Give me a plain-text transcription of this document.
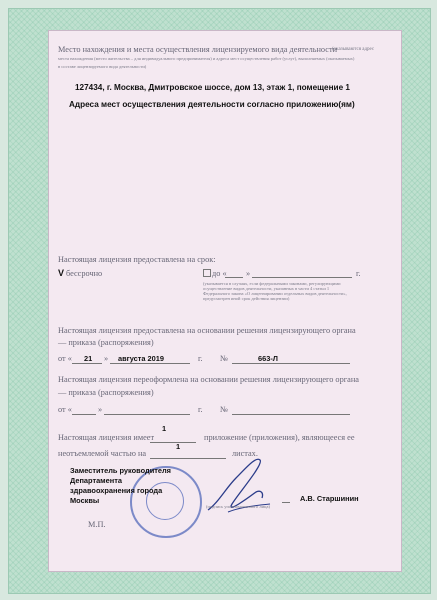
Место нахождения и места осуществления лицензируемого вида деятельности
(указываются адрес
места нахождения (место жительства – для индивидуального предпринимателя) и адреса мест осуществления работ (услуг), выполняемых (оказываемых)
в составе лицензируемого вида деятельности)
127434, г. Москва, Дмитровское шоссе, дом 13, этаж 1, помещение 1
Адреса мест осуществления деятельности согласно приложению(ям)
Настоящая лицензия предоставлена на срок:
V бессрочно	до « »	г.
(указывается в случаях, если федеральными законами, регулирующими осуществление видов деятельности, указанных в части 4 статьи 1 Федерального закона «О лицензировании отдельных видов деятельности», предусмотрен иной срок действия лицензии)
Настоящая лицензия предоставлена на основании решения лицензирующего органа
— приказа (распоряжения)
от « 21 » августа 2019	г. №	663-Л
Настоящая лицензия переоформлена на основании решения лицензирующего органа
— приказа (распоряжения)
от «	»	г. №
Настоящая лицензия имеет
1
приложение (приложения), являющееся ее
неотъемлемой частью на
1
листах.
Заместитель руководителя
Департамента
здравоохранения города
Москвы
(подпись уполномоченного лица)
А.В. Старшинин
М.П.
